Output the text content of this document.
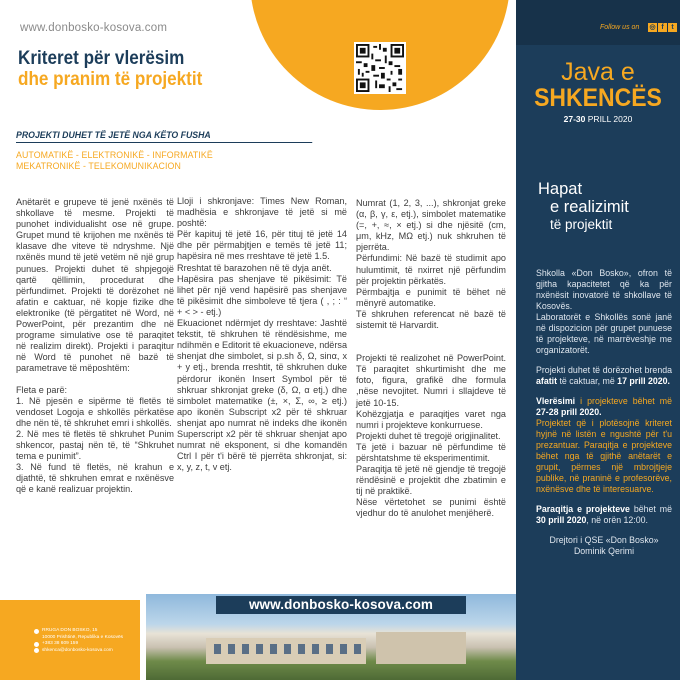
www.donbosko-kosova.com
Kriteret për vlerësim
dhe pranim të projektit
PROJEKTI DUHET TË JETË NGA KËTO FUSHA
AUTOMATIKË - ELEKTRONIKË - INFORMATIKË
MEKATRONIKË - TELEKOMUNIKACION

Anëtarët e grupeve të jenë nxënës të shkollave të mesme. Projekti të punohet individualisht ose në grupe. Grupet mund të krijohen me nxënës të klasave dhe viteve të ndryshme. Një nxënës mund të jetë vetëm në një grup punues. Projekti duhet të shpjegojë qartë qëllimin, procedurat dhe përfundimet. Projekti të dorëzohet në afatin e caktuar, në kopje fizike dhe elektronike (të përgatitet në Word, në PowerPoint, për prezantim dhe në programe simulative ose të paraqitet në realizim direkt). Projekti i paraqitur në Word të punohet në bazë të parametrave të mëposhtëm:

Fleta e parë:

1. Në pjesën e sipërme të fletës të vendoset Logoja e shkollës përkatëse dhe nën të, të shkruhet emri i shkollës.

2. Në mes të fletës të shkruhet Punim shkencor, pastaj nën të, të “Shkruhet tema e punimit”.

3. Në fund të fletës, në krahun e djathtë, të shkruhen emrat e nxënësve që e kanë realizuar projektin.

Lloji i shkronjave: Times New Roman, madhësia e shkronjave të jetë si më poshtë:

Për kapituj të jetë 16, për tituj të jetë 14 dhe për përmabjtjen e temës të jetë 11; hapësira në mes rreshtave të jetë 1.5.

Rreshtat të barazohen në të dyja anët.

Hapësira pas shenjave të pikësimit: Të lihet për një vend hapësirë pas shenjave të pikësimit dhe simboleve të tjera ( , ; : “ + < > - etj.)

Ekuacionet ndërmjet dy rreshtave: Jashtë tekstit, të shkruhen të rëndësishme, me ndihmën e Editorit të ekuacioneve, ndërsa shenjat dhe simbolet, si p.sh δ, Ω, sinα, x + y etj., brenda rreshtit, të shkruhen duke përdorur ikonën Insert Symbol për të shkruar shkronjat greke (δ, Ω, α etj.) dhe simbolet matematike (±, ×, Σ, ∞, ≥ etj.) apo ikonën Subscript x2 për të shkruar shenjat apo numrat në indeks dhe ikonën Superscript x2 për të shkruar shenjat apo numrat në eksponent, si dhe komandën Ctrl I për t'i bërë të pjerrëta shkronjat, si: x, y, z, t, v etj.

Numrat (1, 2, 3, ...), shkronjat greke (α, β, γ, ε, etj.), simbolet matematike (=, +, ≈, × etj.) si dhe njësitë (cm, μm, kHz, MΩ etj.) nuk shkruhen të pjerrëta.

Përfundimi: Në bazë të studimit apo hulumtimit, të nxirret një përfundim për projektin përkatës.

Përmbajtja e punimit të bëhet në mënyrë automatike.

Të shkruhen referencat në bazë të sistemit të Harvardit.

Projekti të realizohet në PowerPoint. Të paraqitet shkurtimisht dhe me foto, figura, grafikë dhe formula ,nëse nevojitet. Numri i sllajdeve të jetë 10-15.

Kohëzgjatja e paraqitjes varet nga numri i projekteve konkurruese.

Projekti duhet të tregojë origjinalitet.

Të jetë i bazuar në përfundime të përshtatshme të eksperimentimit.

Paraqitja të jetë në gjendje të tregojë rëndësinë e projektit dhe zbatimin e tij në praktikë.

Nëse vërtetohet se punimi është vjedhur do të anulohet menjëherë.

Follow us on ◎ f	t
Java e
SHKENCËS
27-30 PRILL 2020
Hapat
e realizimit
të projektit

Shkolla «Don Bosko», ofron të gjitha kapacitetet që ka për nxënësit inovatorë të shkollave të Kosovës.
Laboratorët e Shkollës sonë janë në dispozicion për grupet punuese të projekteve, në marrëveshje me organizatorët.

Projekti duhet të dorëzohet brenda afatit të caktuar, më 17 prill 2020.

Vlerësimi i projekteve bëhet më 27-28 prill 2020.
Projektet që i plotësojnë kriteret hyjnë në listën e ngushtë për t'u prezantuar. Paraqitja e projekteve bëhet nga të gjithë anëtarët e grupit, përmes një mbrojtjeje publike, në praninë e profesorëve, nxënësve dhe të interesuarve.

Paraqitja e projekteve bëhet më 30 prill 2020, në orën 12:00.

Drejtori i QSE «Don Bosko»
Dominik Qerimi
RRUGA DON BOSKO, 15
10000 Prishtinë, Republika e Kosovës
+383 38 609 159
shkenca@donbosko-kosova.com
www.donbosko-kosova.com
